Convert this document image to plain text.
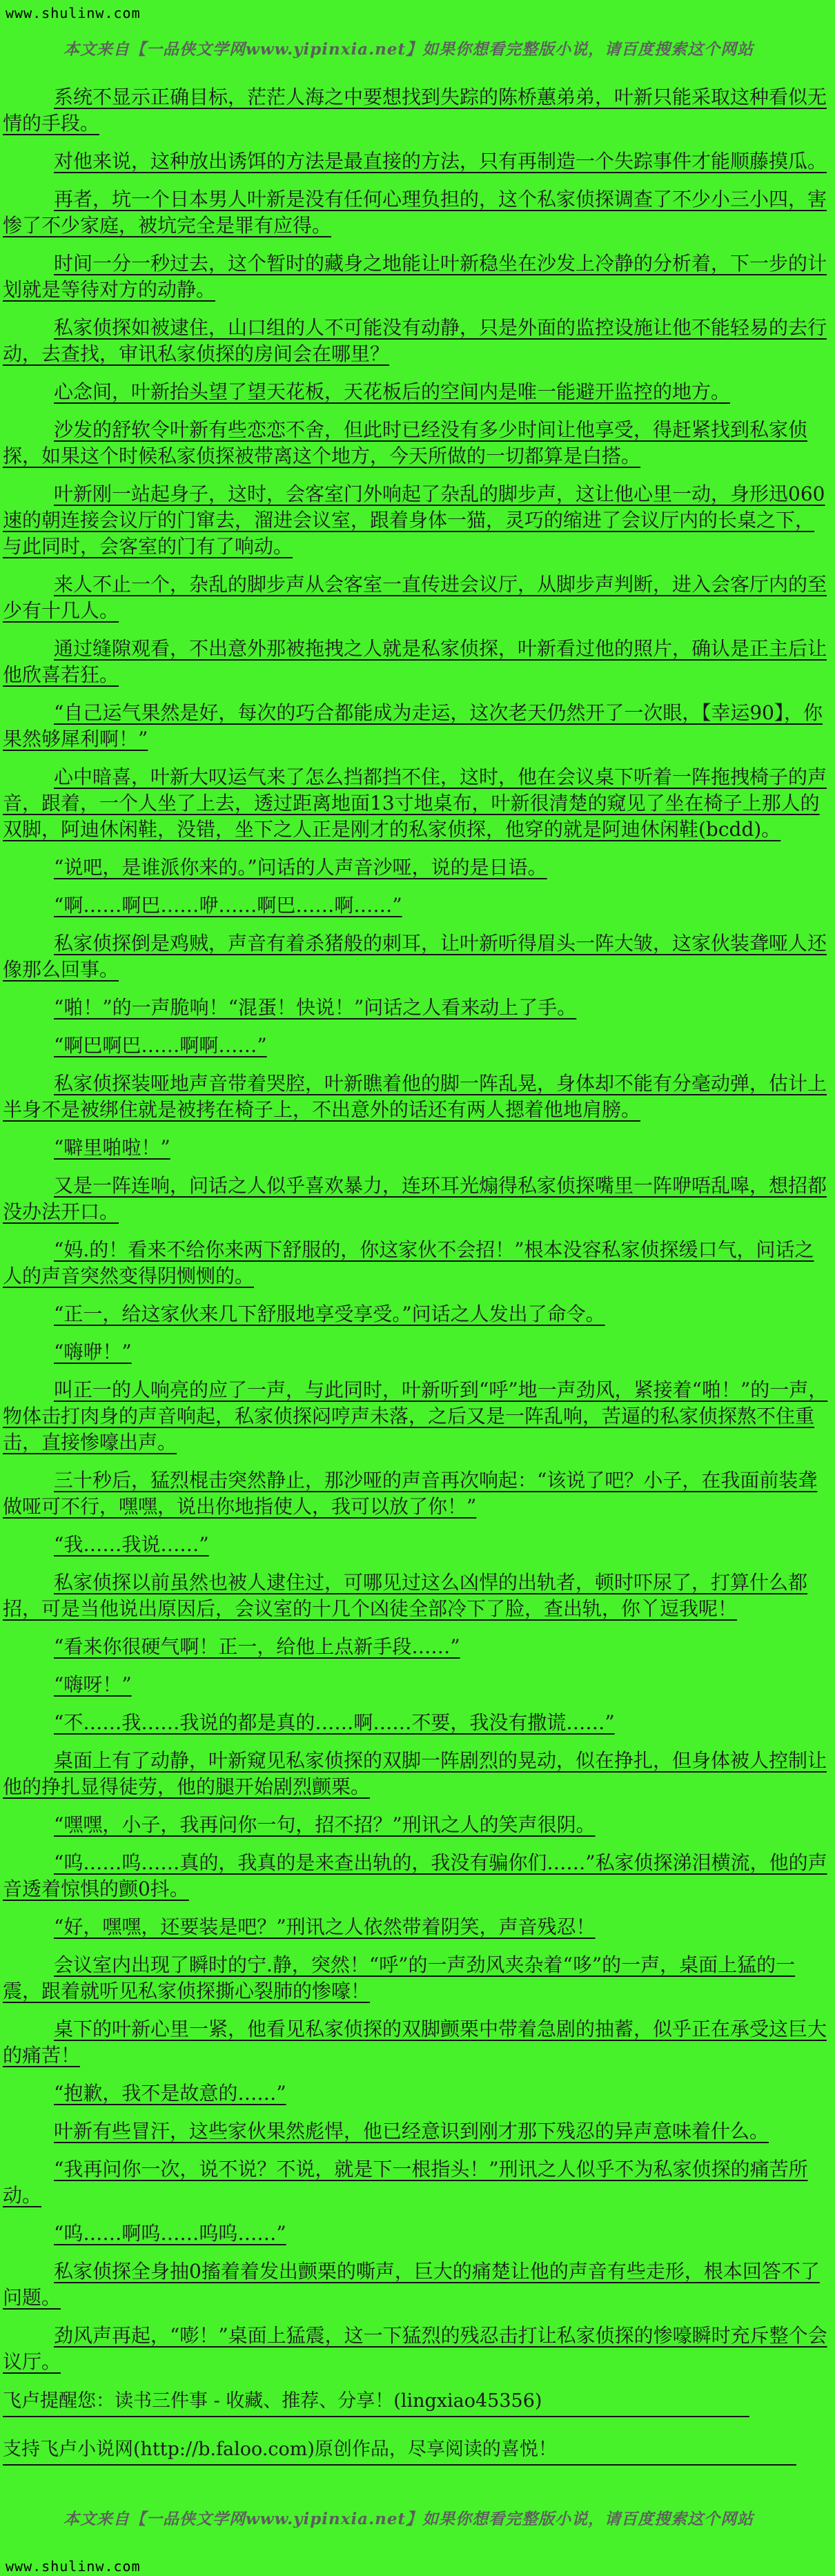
www.shulinw.com
本文来自【一品侠文学网www.yipinxia.net】如果你想看完整版小说，请百度搜索这个网站

系统不显示正确目标，茫茫人海之中要想找到失踪的陈桥蕙弟弟，叶新只能采取这种看似无情的手段。

对他来说，这种放出诱饵的方法是最直接的方法，只有再制造一个失踪事件才能顺藤摸瓜。

再者，坑一个日本男人叶新是没有任何心理负担的，这个私家侦探调查了不少小三小四，害惨了不少家庭，被坑完全是罪有应得。

时间一分一秒过去，这个暂时的藏身之地能让叶新稳坐在沙发上冷静的分析着，下一步的计划就是等待对方的动静。

私家侦探如被逮住，山口组的人不可能没有动静，只是外面的监控设施让他不能轻易的去行动，去查找，审讯私家侦探的房间会在哪里？

心念间，叶新抬头望了望天花板，天花板后的空间内是唯一能避开监控的地方。

沙发的舒软令叶新有些恋恋不舍，但此时已经没有多少时间让他享受，得赶紧找到私家侦探，如果这个时候私家侦探被带离这个地方，今天所做的一切都算是白搭。

叶新刚一站起身子，这时，会客室门外响起了杂乱的脚步声，这让他心里一动，身形迅060速的朝连接会议厅的门窜去，溜进会议室，跟着身体一猫，灵巧的缩进了会议厅内的长桌之下，与此同时，会客室的门有了响动。

来人不止一个，杂乱的脚步声从会客室一直传进会议厅，从脚步声判断，进入会客厅内的至少有十几人。

通过缝隙观看，不出意外那被拖拽之人就是私家侦探，叶新看过他的照片，确认是正主后让他欣喜若狂。

“自己运气果然是好，每次的巧合都能成为走运，这次老天仍然开了一次眼，【幸运90】，你果然够犀利啊！”

心中暗喜，叶新大叹运气来了怎么挡都挡不住，这时，他在会议桌下听着一阵拖拽椅子的声音，跟着，一个人坐了上去，透过距离地面13寸地桌布，叶新很清楚的窥见了坐在椅子上那人的双脚，阿迪休闲鞋，没错，坐下之人正是刚才的私家侦探，他穿的就是阿迪休闲鞋(bcdd)。

“说吧，是谁派你来的。”问话的人声音沙哑，说的是日语。

“啊……啊巴……咿……啊巴……啊……”

私家侦探倒是鸡贼，声音有着杀猪般的刺耳，让叶新听得眉头一阵大皱，这家伙装聋哑人还像那么回事。

“啪！”的一声脆响！“混蛋！快说！”问话之人看来动上了手。

“啊巴啊巴……啊啊……”

私家侦探装哑地声音带着哭腔，叶新瞧着他的脚一阵乱晃，身体却不能有分毫动弹，估计上半身不是被绑住就是被拷在椅子上，不出意外的话还有两人摁着他地肩膀。

“噼里啪啦！”

又是一阵连响，问话之人似乎喜欢暴力，连环耳光煽得私家侦探嘴里一阵咿唔乱嗥，想招都没办法开口。

“妈.的！看来不给你来两下舒服的，你这家伙不会招！”根本没容私家侦探缓口气，问话之人的声音突然变得阴恻恻的。

“正一，给这家伙来几下舒服地享受享受。”问话之人发出了命令。

“嗨咿！”

叫正一的人响亮的应了一声，与此同时，叶新听到“呼”地一声劲风，紧接着“啪！”的一声，物体击打肉身的声音响起，私家侦探闷哼声未落，之后又是一阵乱响，苦逼的私家侦探熬不住重击，直接惨嚎出声。

三十秒后，猛烈棍击突然静止，那沙哑的声音再次响起：“该说了吧？小子，在我面前装聋做哑可不行，嘿嘿，说出你地指使人，我可以放了你！”

“我……我说……”

私家侦探以前虽然也被人逮住过，可哪见过这么凶悍的出轨者，顿时吓尿了，打算什么都招，可是当他说出原因后，会议室的十几个凶徒全部冷下了脸，查出轨，你丫逗我呢！

“看来你很硬气啊！正一，给他上点新手段……”

“嗨呀！”

“不……我……我说的都是真的……啊……不要，我没有撒谎……”

桌面上有了动静，叶新窥见私家侦探的双脚一阵剧烈的晃动，似在挣扎，但身体被人控制让他的挣扎显得徒劳，他的腿开始剧烈颤栗。

“嘿嘿，小子，我再问你一句，招不招？”刑讯之人的笑声很阴。

“呜……呜……真的，我真的是来查出轨的，我没有骗你们……”私家侦探涕泪横流，他的声音透着惊惧的颤0抖。

“好，嘿嘿，还要装是吧？”刑讯之人依然带着阴笑，声音残忍！

会议室内出现了瞬时的宁.静，突然！“呼”的一声劲风夹杂着“哆”的一声，桌面上猛的一震，跟着就听见私家侦探撕心裂肺的惨嚎！

桌下的叶新心里一紧，他看见私家侦探的双脚颤栗中带着急剧的抽蓄，似乎正在承受这巨大的痛苦！

“抱歉，我不是故意的……”

叶新有些冒汗，这些家伙果然彪悍，他已经意识到刚才那下残忍的异声意味着什么。

“我再问你一次，说不说？不说，就是下一根指头！”刑讯之人似乎不为私家侦探的痛苦所动。

“呜……啊呜……呜呜……”

私家侦探全身抽0搐着着发出颤栗的嘶声，巨大的痛楚让他的声音有些走形，根本回答不了问题。

劲风声再起，“嘭！”桌面上猛震，这一下猛烈的残忍击打让私家侦探的惨嚎瞬时充斥整个会议厅。

飞卢提醒您：读书三件事 - 收藏、推荐、分享！(lingxiao45356)
支持飞卢小说网(http://b.faloo.com)原创作品，尽享阅读的喜悦！
本文来自【一品侠文学网www.yipinxia.net】如果你想看完整版小说，请百度搜索这个网站
www.shulinw.com
